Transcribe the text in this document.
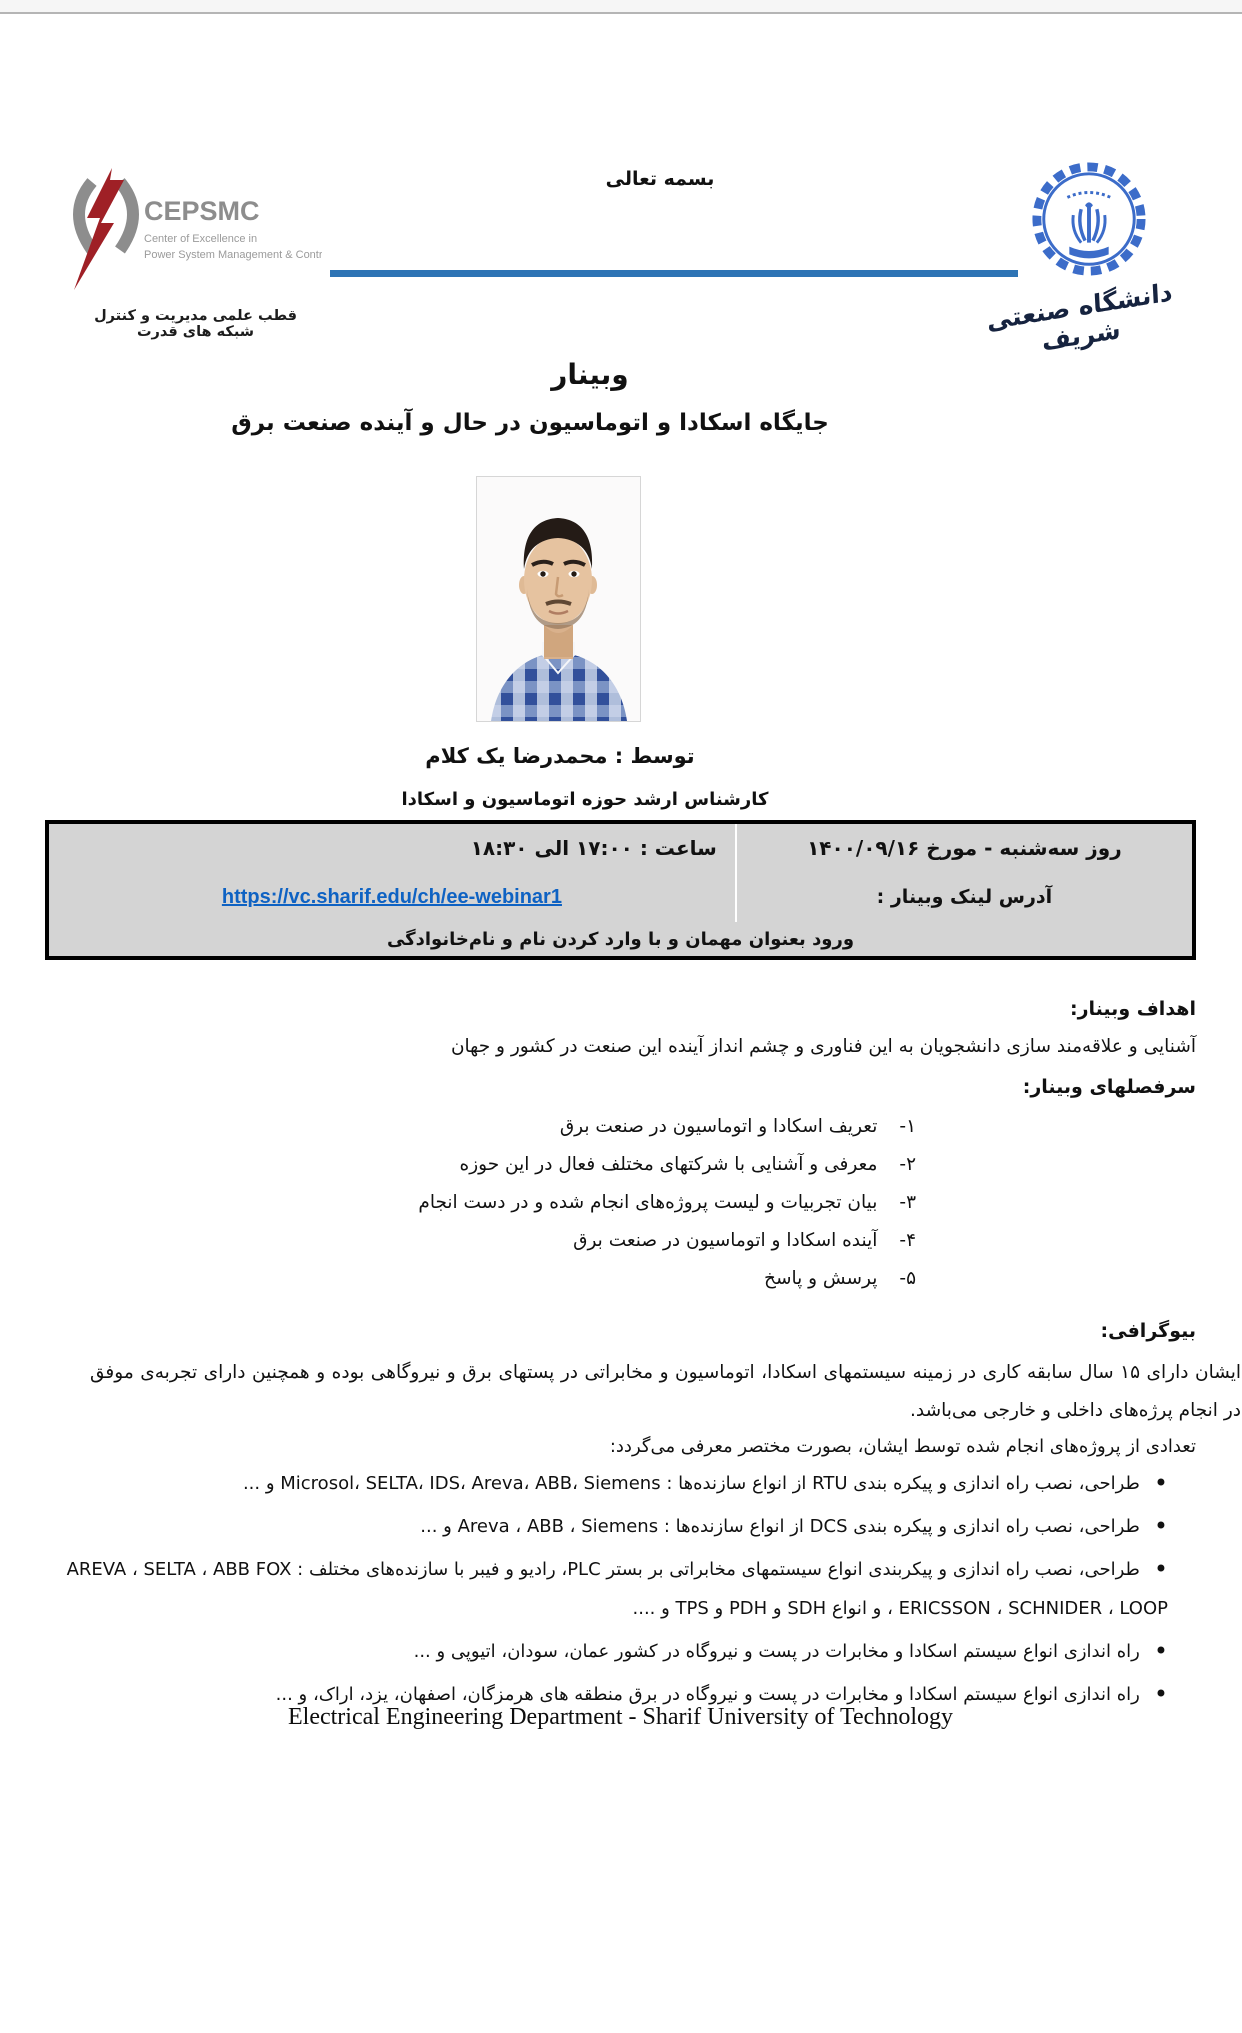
بسمه تعالی
CEPSMC
Center of Excellence in
Power System Management & Control
قطب علمی مدیریت و کنترل شبکه های قدرت	دانشگاه صنعتی شریف
وبینار
جایگاه اسکادا و اتوماسیون در حال و آینده صنعت برق
توسط : محمدرضا یک کلام
کارشناس ارشد حوزه اتوماسیون و اسکادا
روز سه‌شنبه - مورخ ۱۴۰۰/۰۹/۱۶
ساعت : ۱۷:۰۰ الی ۱۸:۳۰
آدرس لینک وبینار :
https://vc.sharif.edu/ch/ee-webinar1
ورود بعنوان مهمان و با وارد کردن نام و نام‌خانوادگی
اهداف وبینار:
آشنایی و علاقه‌مند سازی دانشجویان به این فناوری و چشم انداز آینده این صنعت در کشور و جهان
سرفصلهای وبینار:
۱-تعریف اسکادا و اتوماسیون در صنعت برق
۲-معرفی و آشنایی با شرکتهای مختلف فعال در این حوزه
۳-بیان تجربیات و لیست پروژه‌های انجام شده و در دست انجام
۴-آینده اسکادا و اتوماسیون در صنعت برق
۵-پرسش و پاسخ
بیوگرافی:
ایشان دارای ۱۵ سال سابقه کاری در زمینه سیستمهای اسکادا، اتوماسیون و مخابراتی در پستهای برق و نیروگاهی بوده و همچنین دارای تجربه‌ی موفق در انجام پرژه‌های داخلی و خارجی می‌باشد.
تعدادی از پروژه‌های انجام شده توسط ایشان، بصورت مختصر معرفی می‌گردد:
• طراحی، نصب راه اندازی و پیکره بندی RTU از انواع سازنده‌ها : Microsol، SELTA، IDS، Areva، ABB، Siemens و ...
• طراحی، نصب راه اندازی و پیکره بندی DCS از انواع سازنده‌ها : Areva ، ABB ، Siemens و ...
• طراحی، نصب راه اندازی و پیکربندی انواع سیستمهای مخابراتی بر بستر PLC، رادیو و فیبر با سازنده‌های مختلف : AREVA ، SELTA ، ABB FOX ، ERICSSON ، SCHNIDER ، LOOP و انواع SDH و PDH و TPS و ....
• راه اندازی انواع سیستم اسکادا و مخابرات در پست و نیروگاه در کشور عمان، سودان، اتیوپی و ...
• راه اندازی انواع سیستم اسکادا و مخابرات در پست و نیروگاه در برق منطقه های هرمزگان، اصفهان، یزد، اراک، و ...
Electrical Engineering Department - Sharif University of Technology
